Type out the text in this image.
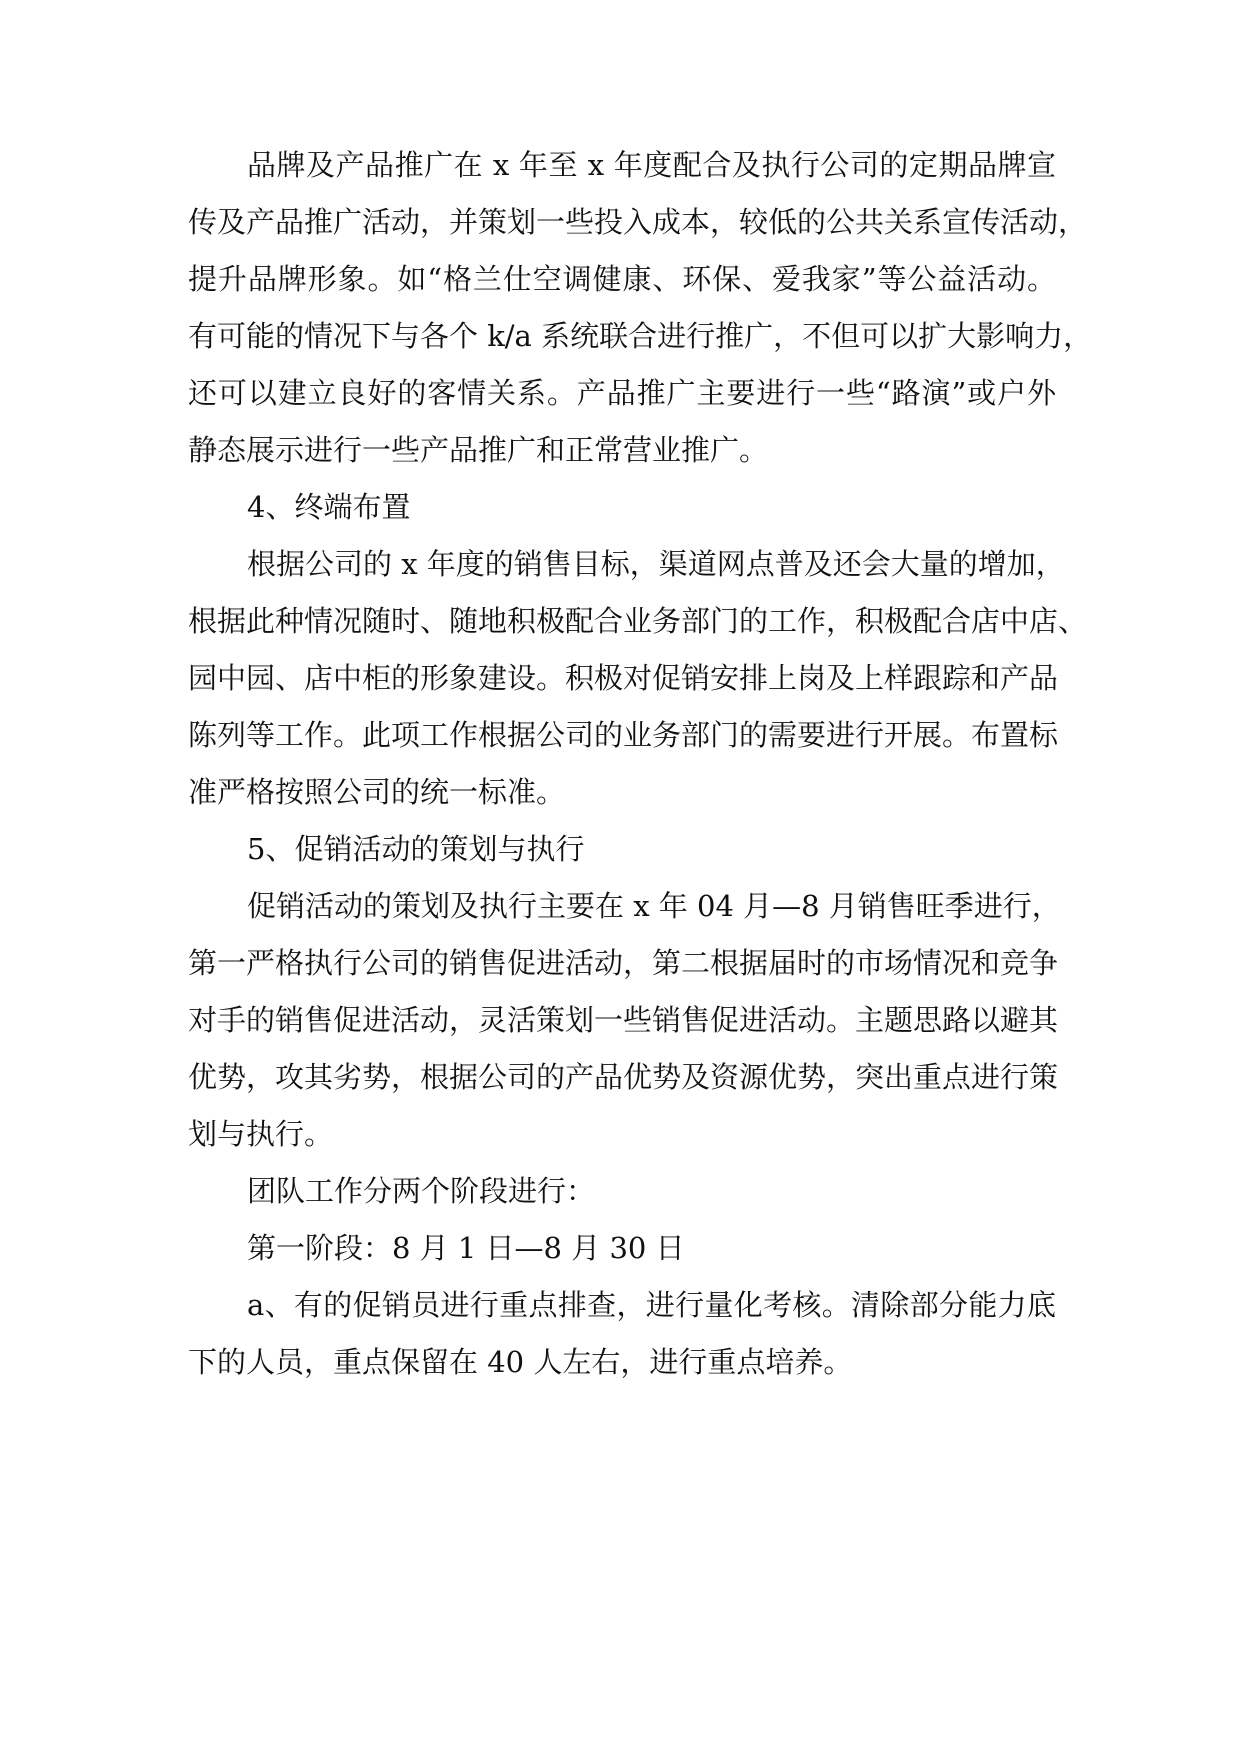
品牌及产品推广在 x 年至 x 年度配合及执行公司的定期品牌宣
传及产品推广活动，并策划一些投入成本，较低的公共关系宣传活动，
提升品牌形象。如“格兰仕空调健康、环保、爱我家”等公益活动。
有可能的情况下与各个 k/a 系统联合进行推广，不但可以扩大影响力，
还可以建立良好的客情关系。产品推广主要进行一些“路演”或户外
静态展示进行一些产品推广和正常营业推广。
4、终端布置
根据公司的 x 年度的销售目标，渠道网点普及还会大量的增加，
根据此种情况随时、随地积极配合业务部门的工作，积极配合店中店、
园中园、店中柜的形象建设。积极对促销安排上岗及上样跟踪和产品
陈列等工作。此项工作根据公司的业务部门的需要进行开展。布置标
准严格按照公司的统一标准。
5、促销活动的策划与执行
促销活动的策划及执行主要在 x 年 04 月—8 月销售旺季进行，
第一严格执行公司的销售促进活动，第二根据届时的市场情况和竞争
对手的销售促进活动，灵活策划一些销售促进活动。主题思路以避其
优势，攻其劣势，根据公司的产品优势及资源优势，突出重点进行策
划与执行。
团队工作分两个阶段进行：
第一阶段：8 月 1 日—8 月 30 日
a、有的促销员进行重点排查，进行量化考核。清除部分能力底
下的人员，重点保留在 40 人左右，进行重点培养。
